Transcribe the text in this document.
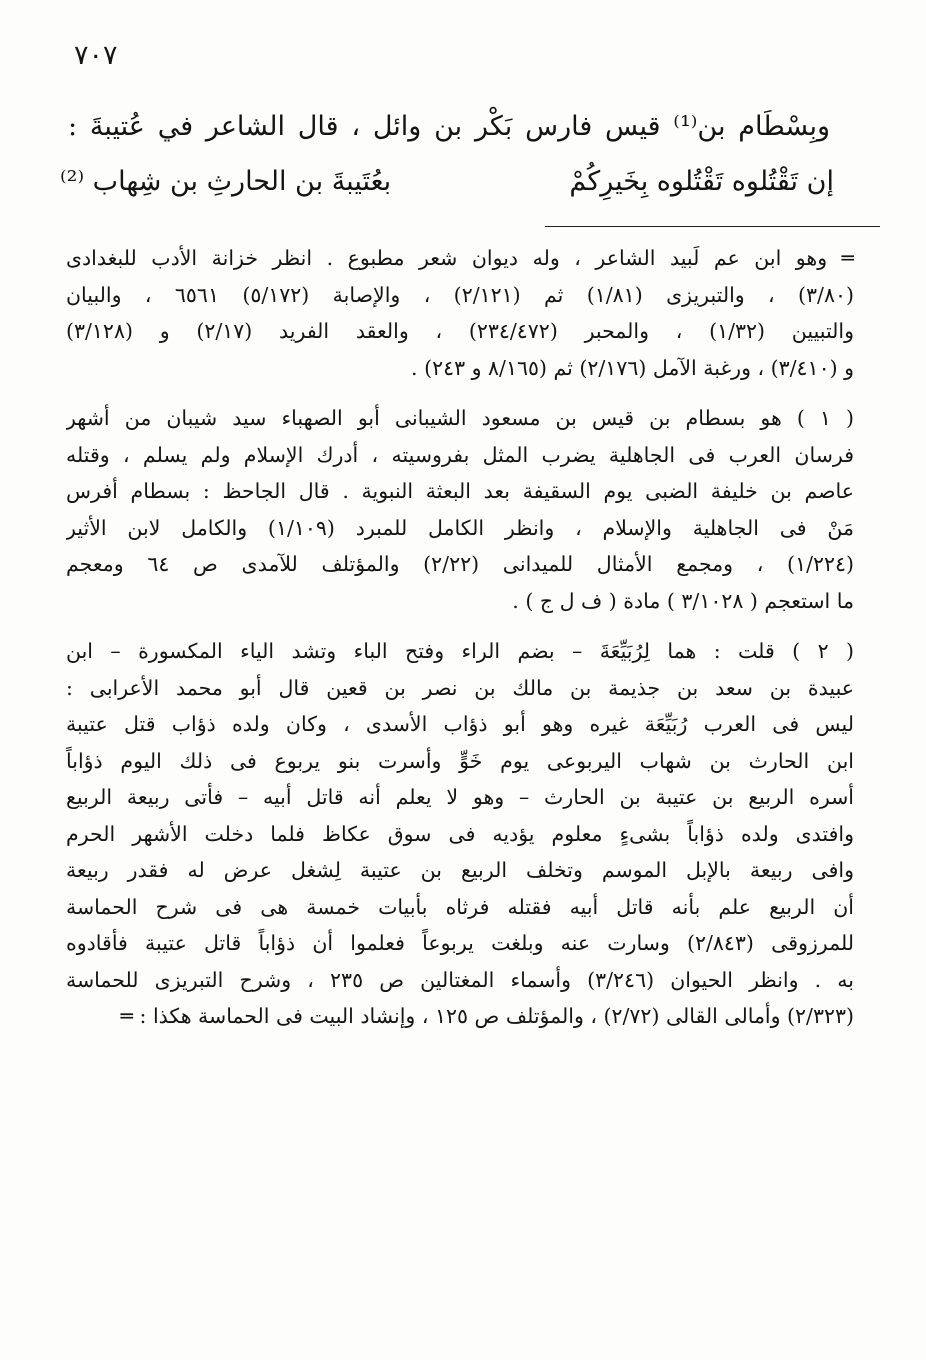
٧٠٧
وبِسْطَام بن⁽¹⁾ قيس فارس بَكْر بن وائل ، قال الشاعر في عُتيبةَ :
إن تَقْتُلوه تَقْتُلوه بِخَيرِكُمْ
بعُتَيبةَ بن الحارثِ بن شِهاب ⁽²⁾
═ وهو ابن عم لَبيد الشاعر ، وله ديوان شعر مطبوع . انظر خزانة الأدب للبغدادى
(٣/٨٠) ، والتبريزى (١/٨١) ثم (٢/١٢١) ، والإصابة (٥/١٧٢) ٦٥٦١ ، والبيان
والتبيين (١/٣٢) ، والمحبر (٢٣٤/٤٧٢) ، والعقد الفريد (٢/١٧) و (٣/١٢٨)
و (٣/٤١٠) ، ورغبة الآمل (٢/١٧٦) ثم (٨/١٦٥ و ٢٤٣) .
( ١ ) هو بسطام بن قيس بن مسعود الشيبانى أبو الصهباء سيد شيبان من أشهر
فرسان العرب فى الجاهلية يضرب المثل بفروسيته ، أدرك الإسلام ولم يسلم ، وقتله
عاصم بن خليفة الضبى يوم السقيفة بعد البعثة النبوية . قال الجاحظ : بسطام أفرس
مَنْ فى الجاهلية والإسلام ، وانظر الكامل للمبرد (١/١٠٩) والكامل لابن الأثير
(١/٢٢٤) ، ومجمع الأمثال للميدانى (٢/٢٢) والمؤتلف للآمدى ص ٦٤ ومعجم
ما استعجم ( ٣/١٠٢٨ ) مادة ( ف ل ج ) .
( ٢ ) قلت : هما لِرُبَيِّعَةَ – بضم الراء وفتح الباء وتشد الياء المكسورة – ابن
عبيدة بن سعد بن جذيمة بن مالك بن نصر بن قعين قال أبو محمد الأعرابى :
ليس فى العرب رُبَيِّعَة غيره وهو أبو ذؤاب الأسدى ، وكان ولده ذؤاب قتل عتيبة
ابن الحارث بن شهاب اليربوعى يوم خَوٍّ وأسرت بنو يربوع فى ذلك اليوم ذؤاباً
أسره الربيع بن عتيبة بن الحارث – وهو لا يعلم أنه قاتل أبيه – فأتى ربيعة الربيع
وافتدى ولده ذؤاباً بشىءٍ معلوم يؤديه فى سوق عكاظ فلما دخلت الأشهر الحرم
وافى ربيعة بالإبل الموسم وتخلف الربيع بن عتيبة لِشغل عرض له فقدر ربيعة
أن الربيع علم بأنه قاتل أبيه فقتله فرثاه بأبيات خمسة هى فى شرح الحماسة
للمرزوقى (٢/٨٤٣) وسارت عنه وبلغت يربوعاً فعلموا أن ذؤاباً قاتل عتيبة فأقادوه
به . وانظر الحيوان (٣/٢٤٦) وأسماء المغتالين ص ٢٣٥ ، وشرح التبريزى للحماسة
(٢/٣٢٣) وأمالى القالى (٢/٧٢) ، والمؤتلف ص ١٢٥ ، وإنشاد البيت فى الحماسة هكذا : ═
